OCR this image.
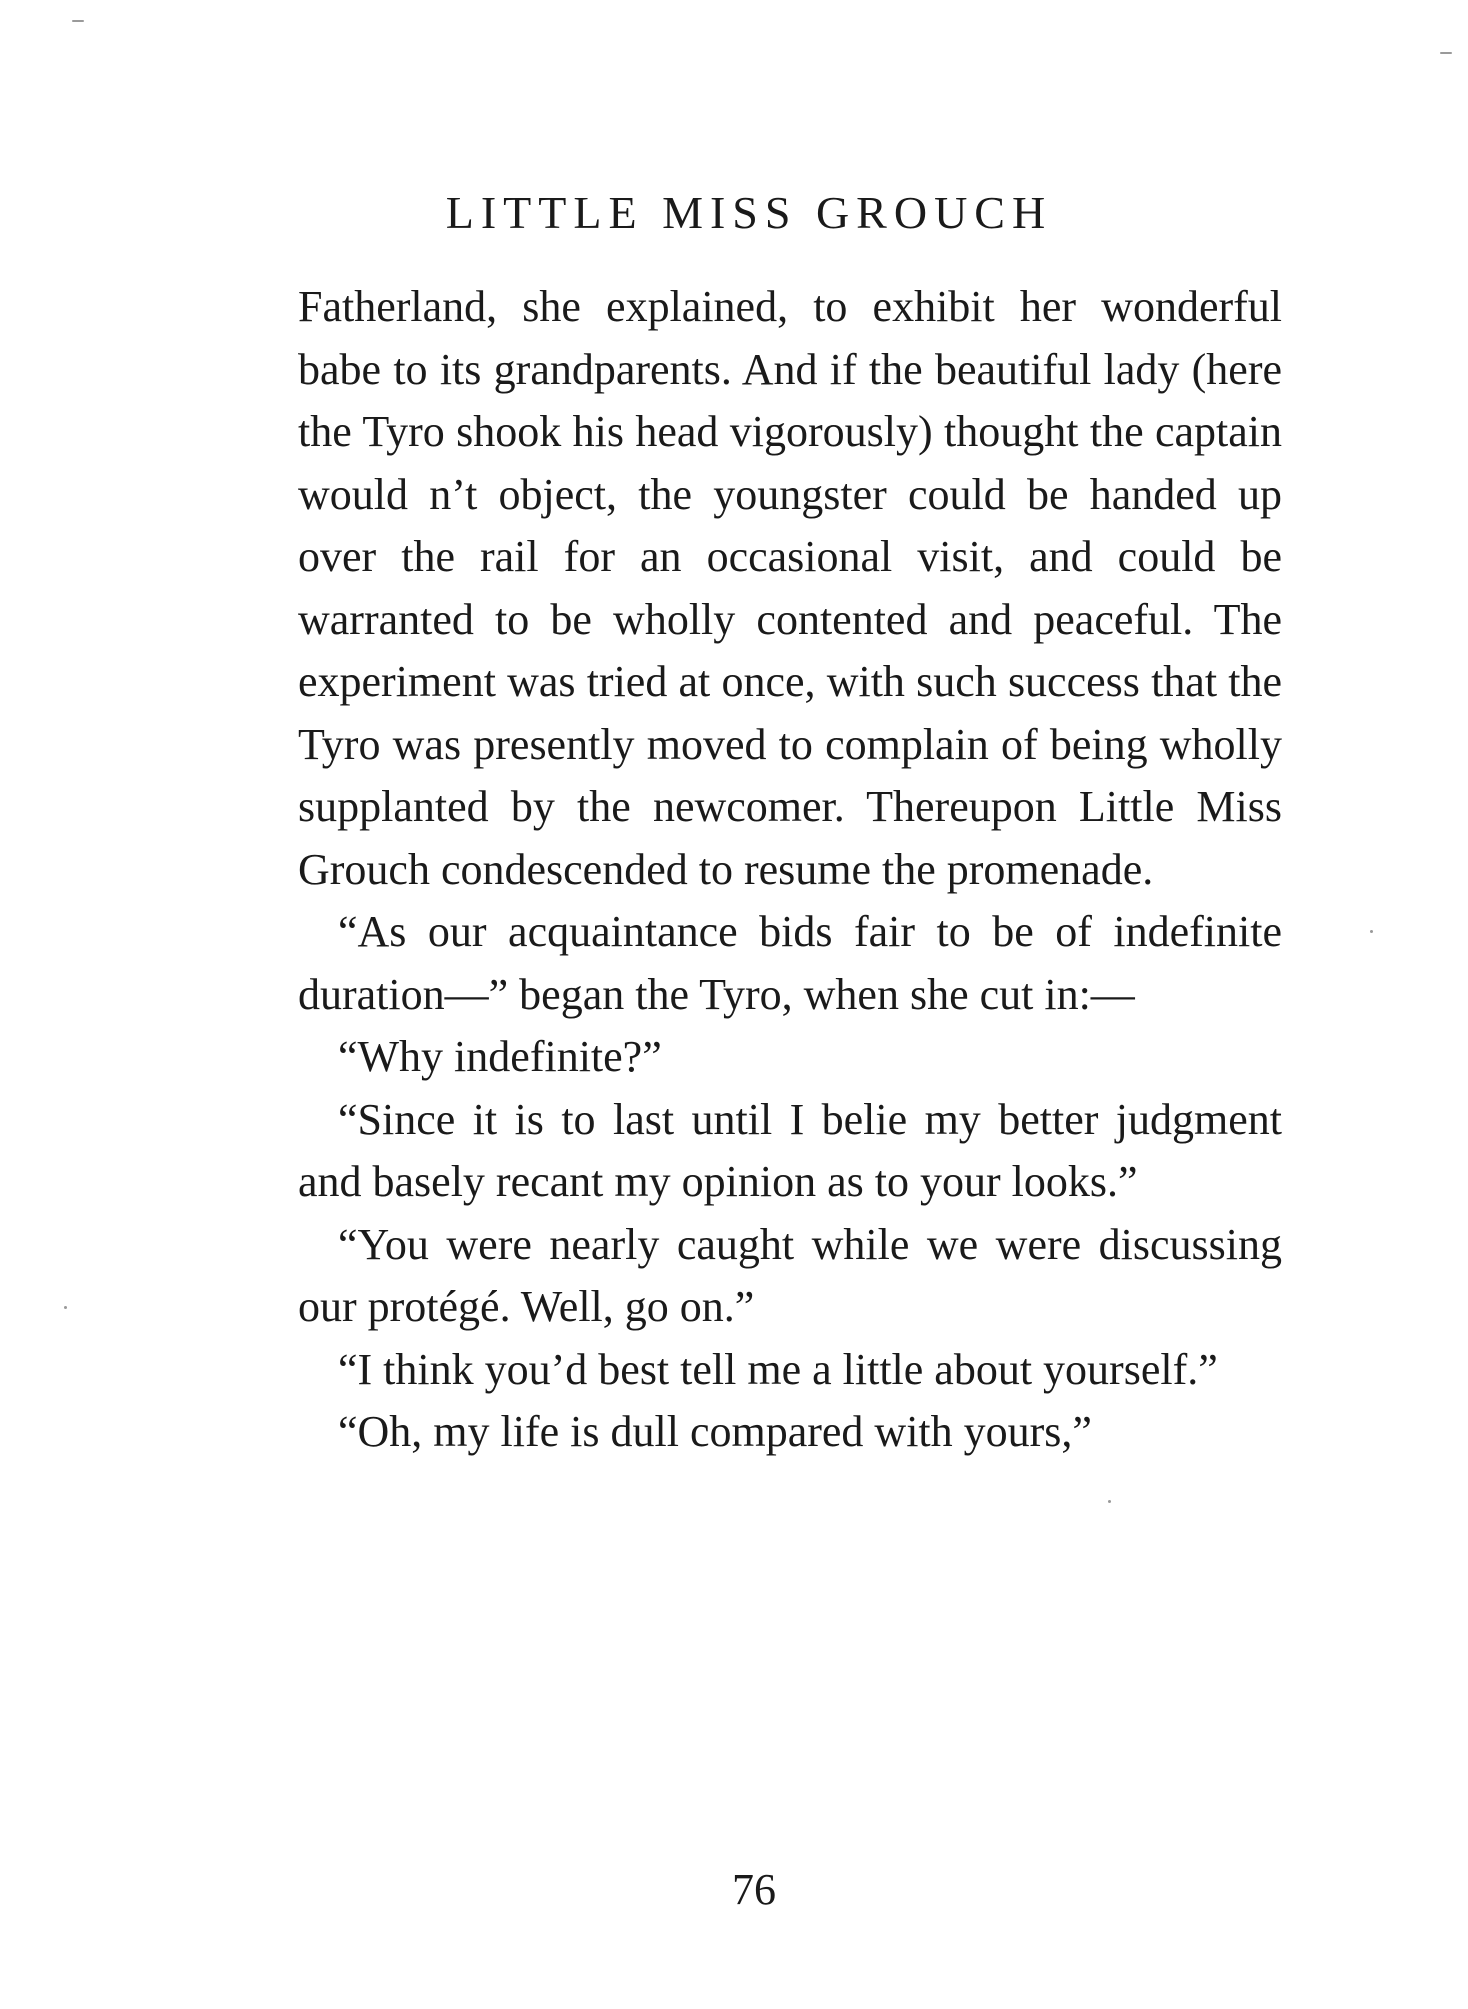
LITTLE MISS GROUCH

Fatherland, she explained, to exhibit her wonderful babe to its grandparents. And if the beautiful lady (here the Tyro shook his head vigorously) thought the captain would n’t object, the youngster could be handed up over the rail for an occasional visit, and could be warranted to be wholly contented and peaceful. The experiment was tried at once, with such success that the Tyro was presently moved to complain of being wholly supplanted by the newcomer. Thereupon Little Miss Grouch condescended to resume the promenade.

“As our acquaintance bids fair to be of indefinite duration—” began the Tyro, when she cut in:—

“Why indefinite?”

“Since it is to last until I belie my better judgment and basely recant my opinion as to your looks.”

“You were nearly caught while we were discussing our protégé. Well, go on.”

“I think you’d best tell me a little about yourself.”

“Oh, my life is dull compared with yours,”

76
